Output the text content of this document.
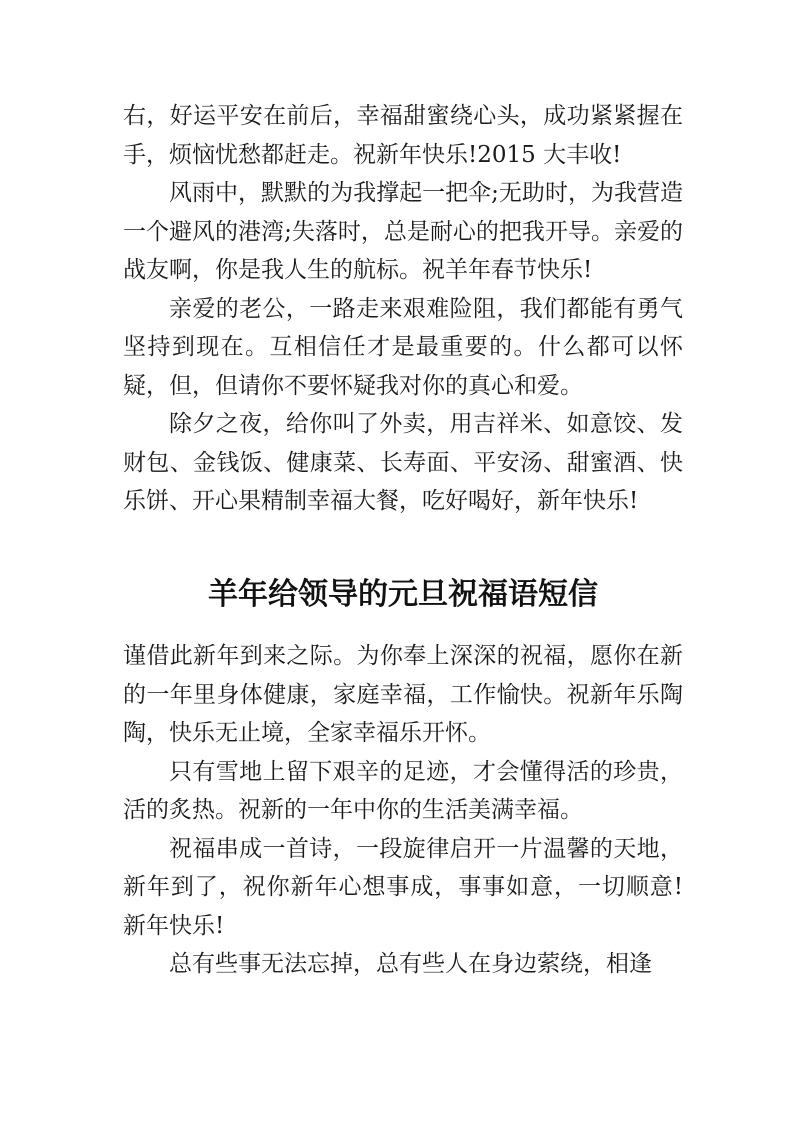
右，好运平安在前后，幸福甜蜜绕心头，成功紧紧握在手，烦恼忧愁都赶走。祝新年快乐!2015 大丰收!

风雨中，默默的为我撑起一把伞;无助时，为我营造一个避风的港湾;失落时，总是耐心的把我开导。亲爱的战友啊，你是我人生的航标。祝羊年春节快乐!

亲爱的老公，一路走来艰难险阻，我们都能有勇气坚持到现在。互相信任才是最重要的。什么都可以怀疑，但，但请你不要怀疑我对你的真心和爱。

除夕之夜，给你叫了外卖，用吉祥米、如意饺、发财包、金钱饭、健康菜、长寿面、平安汤、甜蜜酒、快乐饼、开心果精制幸福大餐，吃好喝好，新年快乐!

羊年给领导的元旦祝福语短信

谨借此新年到来之际。为你奉上深深的祝福，愿你在新的一年里身体健康，家庭幸福，工作愉快。祝新年乐陶陶，快乐无止境，全家幸福乐开怀。

只有雪地上留下艰辛的足迹，才会懂得活的珍贵，活的炙热。祝新的一年中你的生活美满幸福。

祝福串成一首诗，一段旋律启开一片温馨的天地，新年到了，祝你新年心想事成，事事如意，一切顺意!新年快乐!

总有些事无法忘掉，总有些人在身边萦绕，相逢
